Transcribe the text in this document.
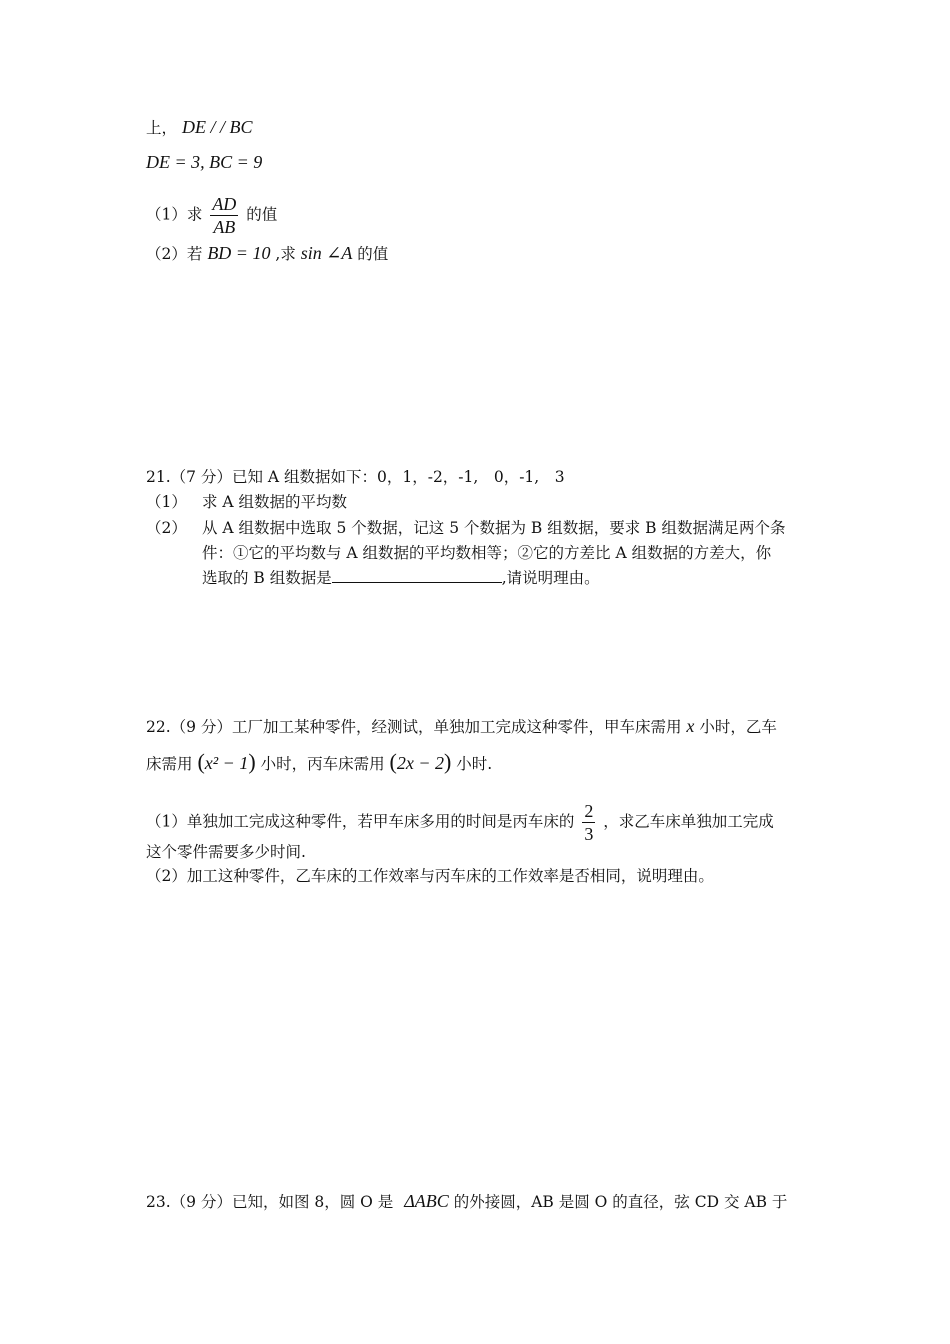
上， DE / / BC
DE = 3, BC = 9
（1）求 $\frac{AD}{AB}$ 的值
（2）若 BD = 10 ,求 sin ∠A 的值
21.（7 分）已知 A 组数据如下：0，1，-2，-1,　0，-1,　3
（1） 求 A 组数据的平均数
（2） 从 A 组数据中选取 5 个数据，记这 5 个数据为 B 组数据，要求 B 组数据满足两个条
件：①它的平均数与 A 组数据的平均数相等；②它的方差比 A 组数据的方差大，你
选取的 B 组数据是	,请说明理由。
22.（9 分）工厂加工某种零件，经测试，单独加工完成这种零件，甲车床需用 x 小时，乙车
床需用 (x² − 1) 小时，丙车床需用 (2x − 2) 小时.
（1）单独加工完成这种零件，若甲车床多用的时间是丙车床的 $\frac{2}{3}$ ，求乙车床单独加工完成
这个零件需要多少时间.
（2）加工这种零件，乙车床的工作效率与丙车床的工作效率是否相同，说明理由。
23.（9 分）已知，如图 8，圆 O 是 ΔABC 的外接圆，AB 是圆 O 的直径，弦 CD 交 AB 于
